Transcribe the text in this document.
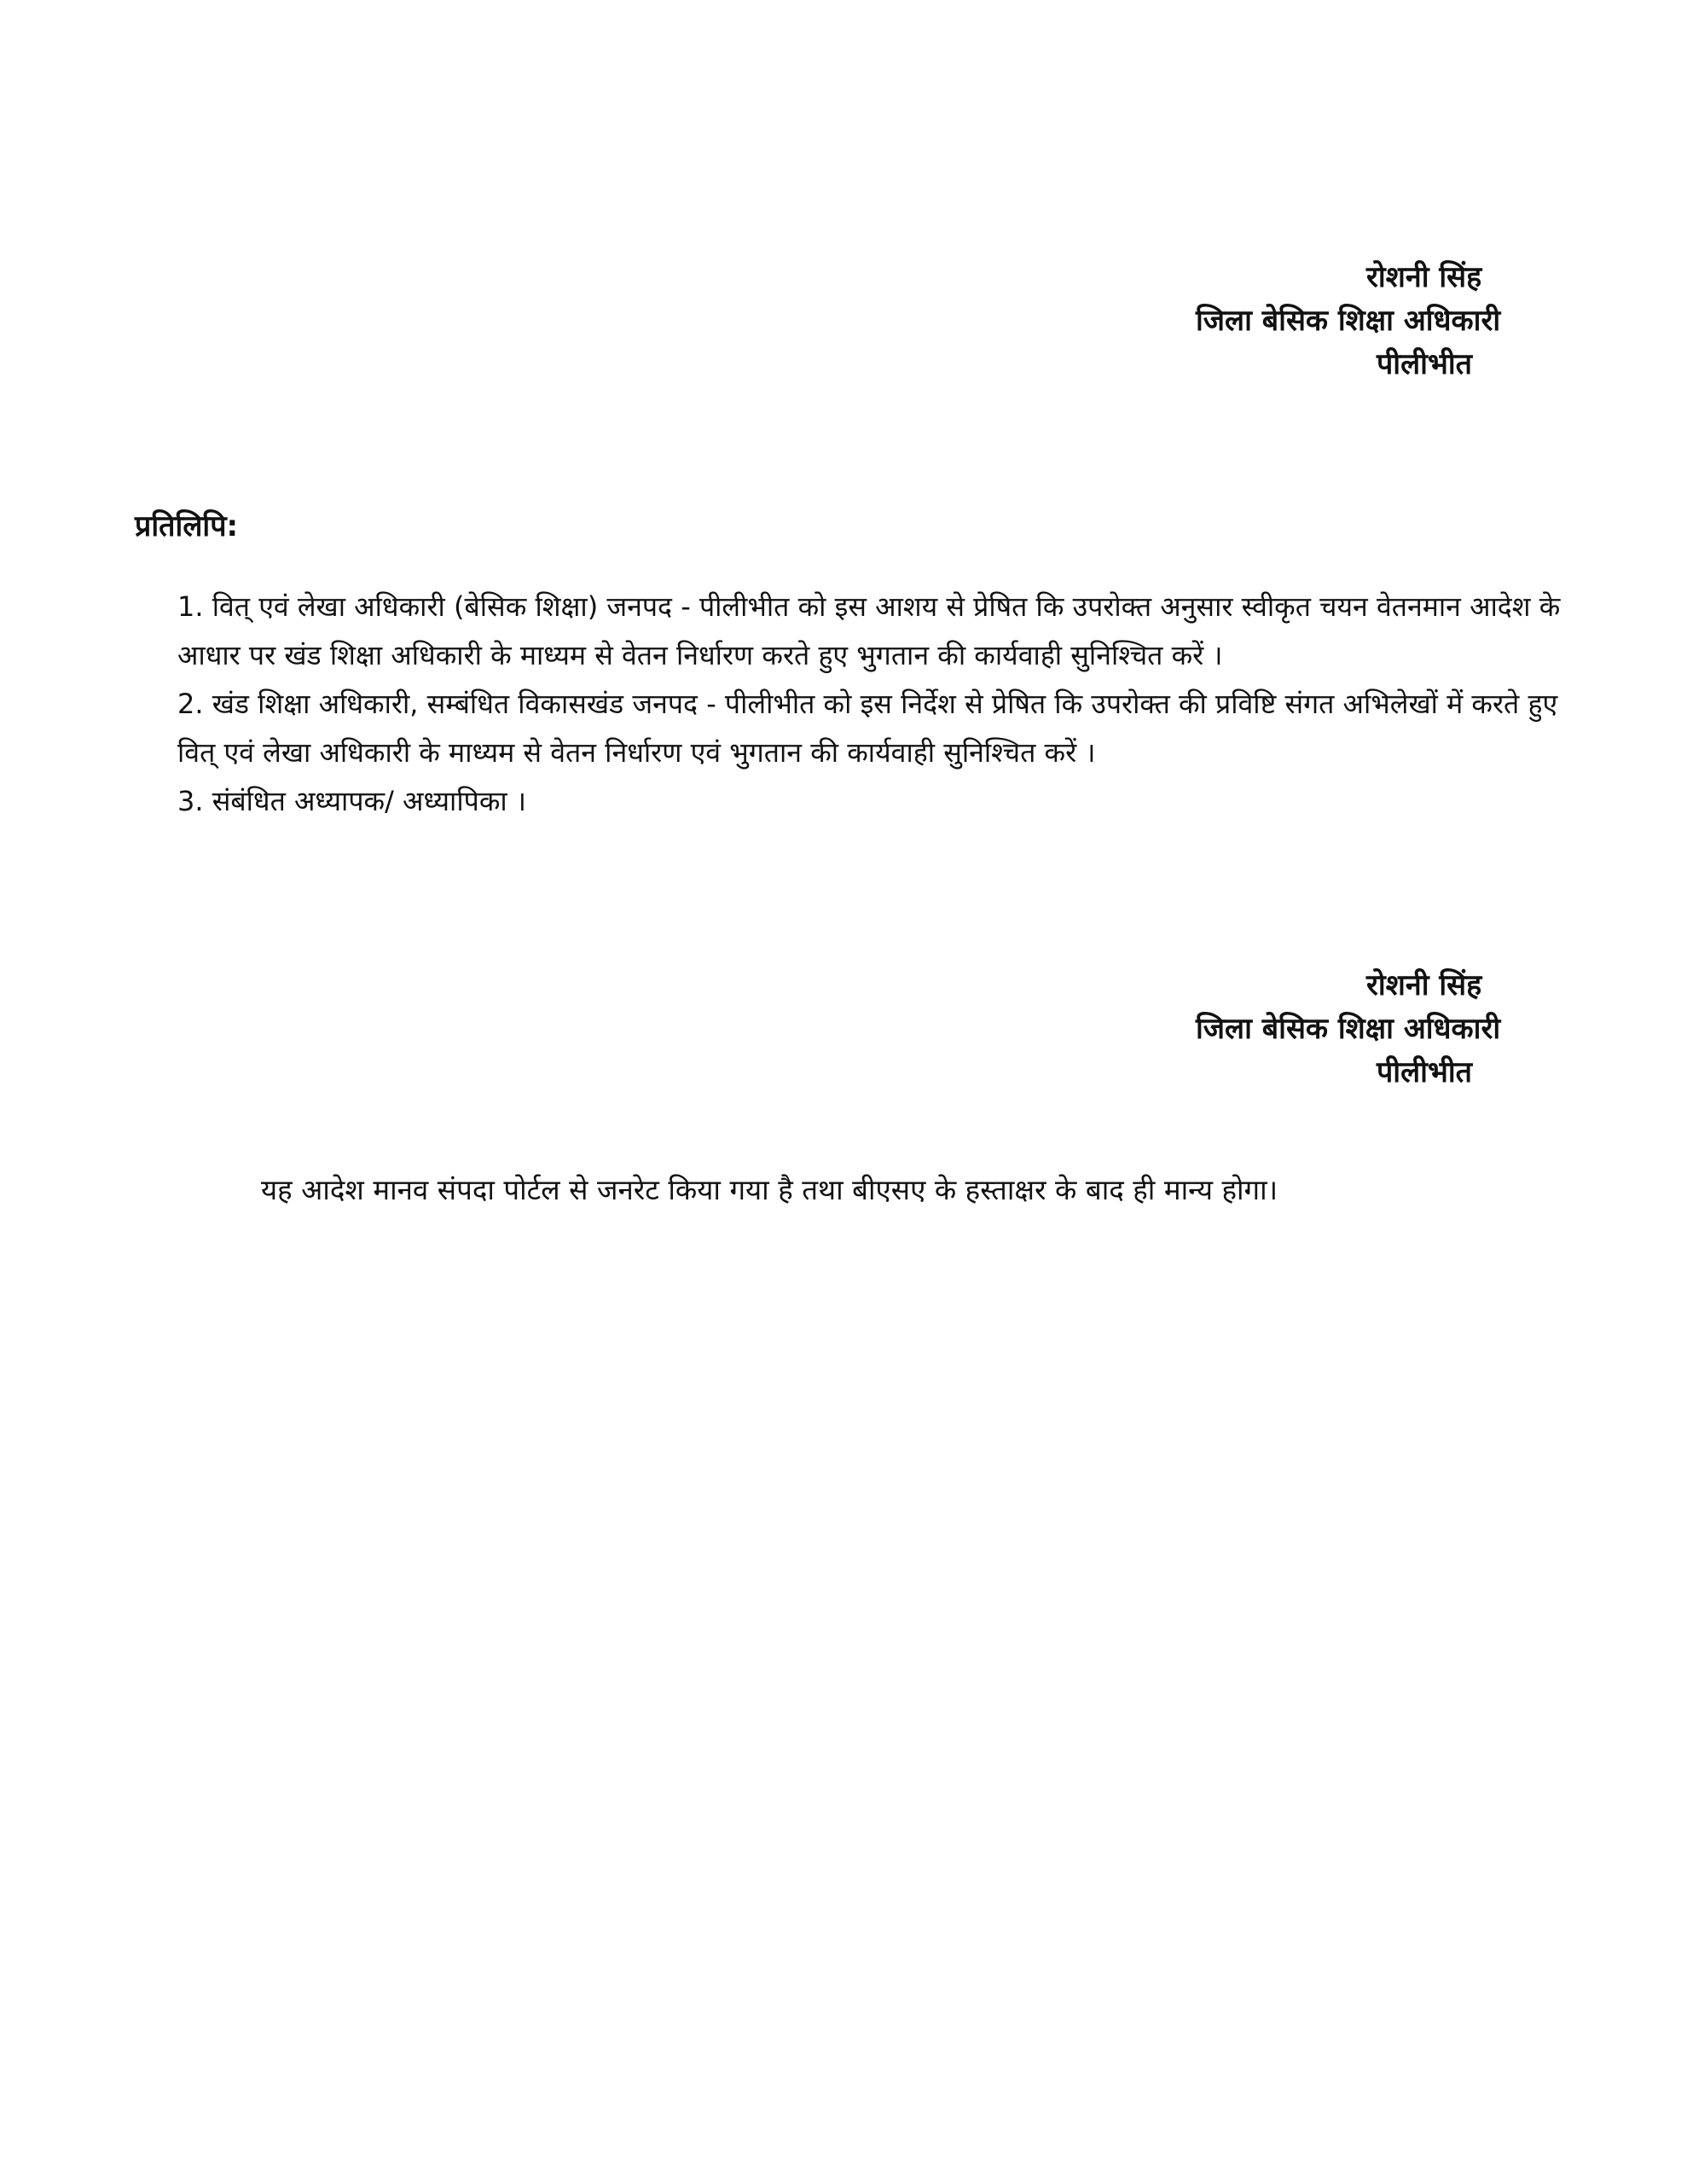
रोशनी सिंह
जिला बेसिक शिक्षा अधिकारी
पीलीभीत
प्रतिलिपि:

1. वित् एवं लेखा अधिकारी (बेसिक शिक्षा) जनपद - पीलीभीत को इस आशय से प्रेषित कि उपरोक्त अनुसार स्वीकृत चयन वेतनमान आदेश के आधार पर खंड शिक्षा अधिकारी के माध्यम से वेतन निर्धारण करते हुए भुगतान की कार्यवाही सुनिश्चित करें ।

2. खंड शिक्षा अधिकारी, सम्बंधित विकासखंड जनपद - पीलीभीत को इस निर्देश से प्रेषित कि उपरोक्त की प्रविष्टि संगत अभिलेखों में करते हुए वित् एवं लेखा अधिकारी के माध्यम से वेतन निर्धारण एवं भुगतान की कार्यवाही सुनिश्चित करें ।

3. संबंधित अध्यापक/ अध्यापिका ।

रोशनी सिंह
जिला बेसिक शिक्षा अधिकारी
पीलीभीत
यह आदेश मानव संपदा पोर्टल से जनरेट किया गया है तथा बीएसए के हस्ताक्षर के बाद ही मान्य होगा।
